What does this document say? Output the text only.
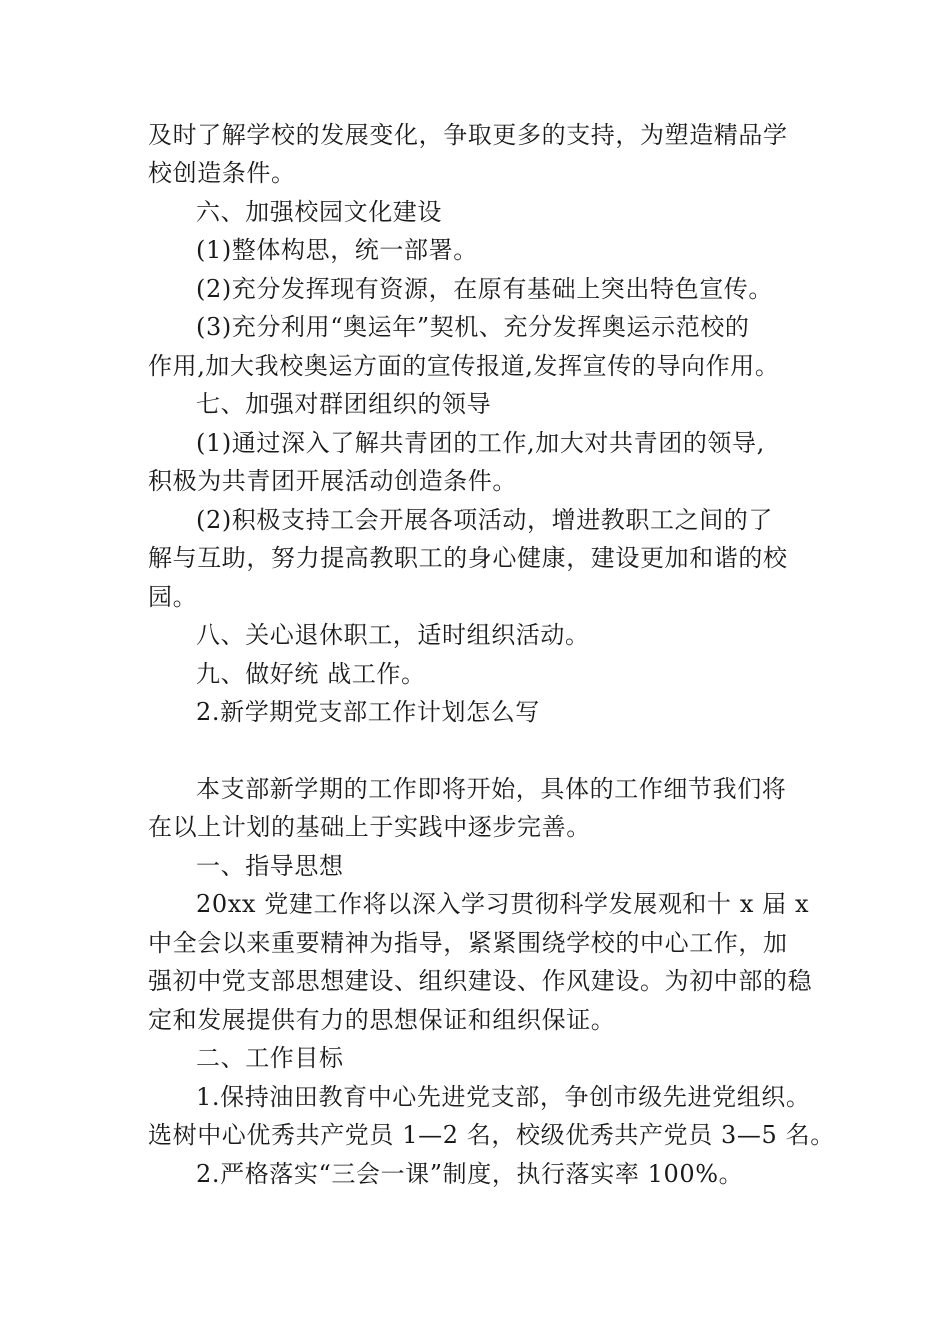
及时了解学校的发展变化，争取更多的支持，为塑造精品学
校创造条件。
六、加强校园文化建设
(1)整体构思，统一部署。
(2)充分发挥现有资源，在原有基础上突出特色宣传。
(3)充分利用“奥运年”契机、充分发挥奥运示范校的
作用,加大我校奥运方面的宣传报道,发挥宣传的导向作用。
七、加强对群团组织的领导
(1)通过深入了解共青团的工作,加大对共青团的领导,
积极为共青团开展活动创造条件。
(2)积极支持工会开展各项活动，增进教职工之间的了
解与互助，努力提高教职工的身心健康，建设更加和谐的校
园。
八、关心退休职工，适时组织活动。
九、做好统 战工作。
2.新学期党支部工作计划怎么写
本支部新学期的工作即将开始，具体的工作细节我们将
在以上计划的基础上于实践中逐步完善。
一、指导思想
20xx 党建工作将以深入学习贯彻科学发展观和十 x 届 x
中全会以来重要精神为指导，紧紧围绕学校的中心工作，加
强初中党支部思想建设、组织建设、作风建设。为初中部的稳
定和发展提供有力的思想保证和组织保证。
二、工作目标
1.保持油田教育中心先进党支部，争创市级先进党组织。
选树中心优秀共产党员 1—2 名，校级优秀共产党员 3—5 名。
2.严格落实“三会一课”制度，执行落实率 100%。
